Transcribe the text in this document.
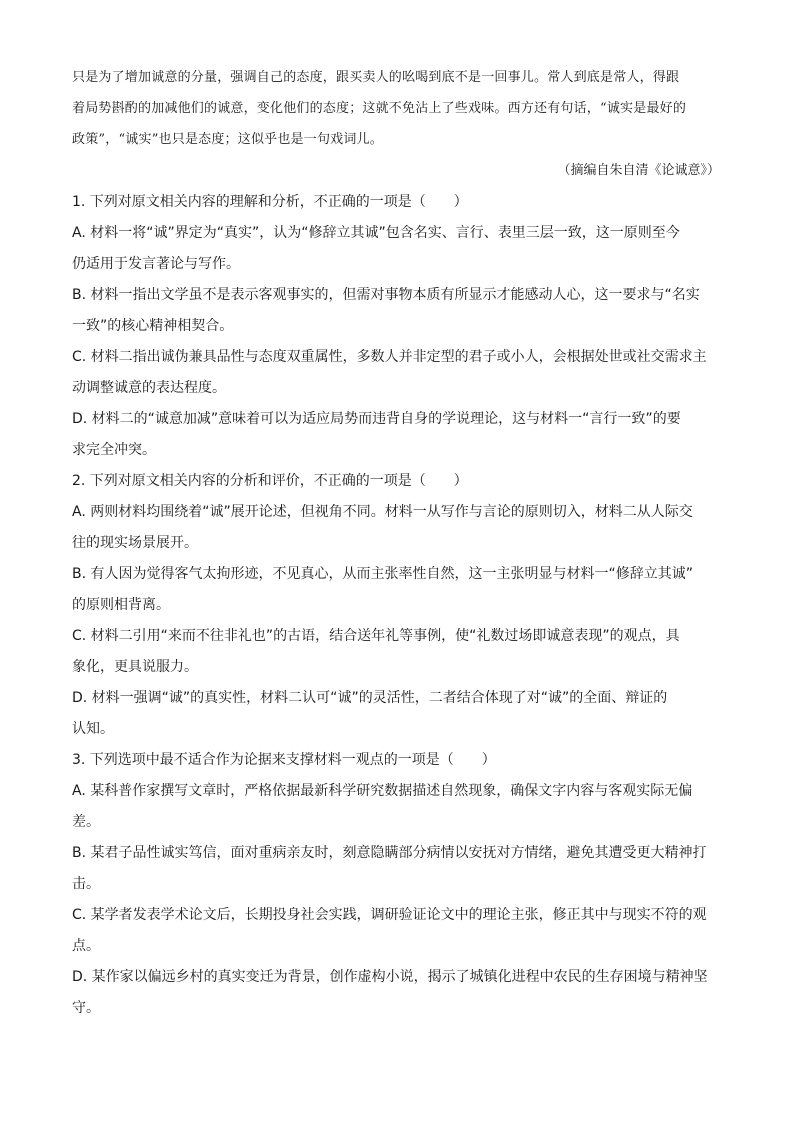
只是为了增加诚意的分量，强调自己的态度，跟买卖人的吆喝到底不是一回事儿。常人到底是常人，得跟

着局势斟酌的加减他们的诚意，变化他们的态度；这就不免沾上了些戏味。西方还有句话，“诚实是最好的

政策”，“诚实”也只是态度；这似乎也是一句戏词儿。

（摘编自朱自清《论诚意》）
1. 下列对原文相关内容的理解和分析，不正确的一项是（　　）
A. 材料一将“诚”界定为“真实”，认为“修辞立其诚”包含名实、言行、表里三层一致，这一原则至今
仍适用于发言著论与写作。
B. 材料一指出文学虽不是表示客观事实的，但需对事物本质有所显示才能感动人心，这一要求与“名实
一致”的核心精神相契合。
C. 材料二指出诚伪兼具品性与态度双重属性，多数人并非定型的君子或小人，会根据处世或社交需求主
动调整诚意的表达程度。
D. 材料二的“诚意加减”意味着可以为适应局势而违背自身的学说理论，这与材料一“言行一致”的要
求完全冲突。
2. 下列对原文相关内容的分析和评价，不正确的一项是（　　）
A. 两则材料均围绕着“诚”展开论述，但视角不同。材料一从写作与言论的原则切入，材料二从人际交
往的现实场景展开。
B. 有人因为觉得客气太拘形迹，不见真心，从而主张率性自然，这一主张明显与材料一“修辞立其诚”
的原则相背离。
C. 材料二引用“来而不往非礼也”的古语，结合送年礼等事例，使“礼数过场即诚意表现”的观点，具
象化，更具说服力。
D. 材料一强调“诚”的真实性，材料二认可“诚”的灵活性，二者结合体现了对“诚”的全面、辩证的
认知。
3. 下列选项中最不适合作为论据来支撑材料一观点的一项是（　　）
A. 某科普作家撰写文章时，严格依据最新科学研究数据描述自然现象，确保文字内容与客观实际无偏
差。
B. 某君子品性诚实笃信，面对重病亲友时，刻意隐瞒部分病情以安抚对方情绪，避免其遭受更大精神打
击。
C. 某学者发表学术论文后，长期投身社会实践，调研验证论文中的理论主张，修正其中与现实不符的观
点。
D. 某作家以偏远乡村的真实变迁为背景，创作虚构小说，揭示了城镇化进程中农民的生存困境与精神坚
守。
